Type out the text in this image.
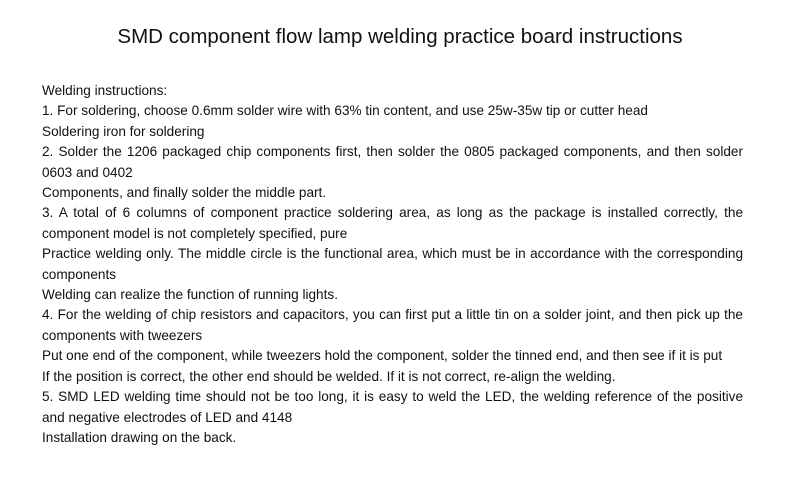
SMD component flow lamp welding practice board instructions
Welding instructions:
1. For soldering, choose 0.6mm solder wire with 63% tin content, and use 25w-35w tip or cutter head
Soldering iron for soldering
2. Solder the 1206 packaged chip components first, then solder the 0805 packaged components, and then solder 0603 and 0402
Components, and finally solder the middle part.
3. A total of 6 columns of component practice soldering area, as long as the package is installed correctly, the component model is not completely specified, pure
Practice welding only. The middle circle is the functional area, which must be in accordance with the corresponding components
Welding can realize the function of running lights.
4. For the welding of chip resistors and capacitors, you can first put a little tin on a solder joint, and then pick up the components with tweezers
Put one end of the component, while tweezers hold the component, solder the tinned end, and then see if it is put
If the position is correct, the other end should be welded. If it is not correct, re-align the welding.
5. SMD LED welding time should not be too long, it is easy to weld the LED, the welding reference of the positive and negative electrodes of LED and 4148
Installation drawing on the back.
